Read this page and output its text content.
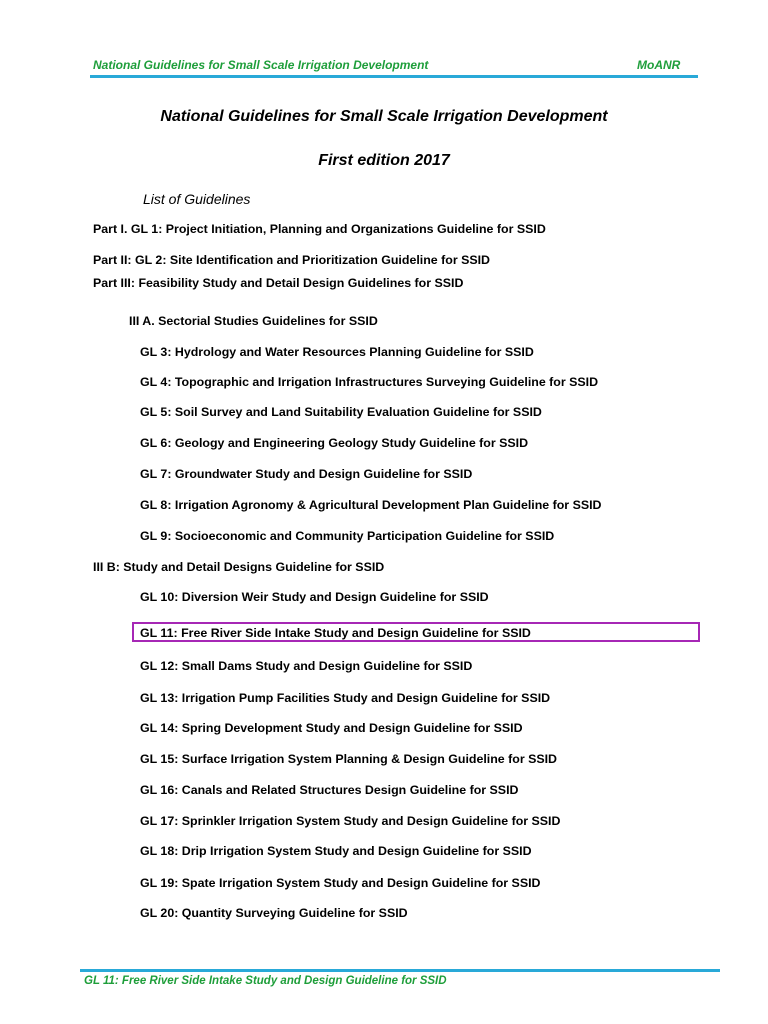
National Guidelines for Small Scale Irrigation Development	MoANR
National Guidelines for Small Scale Irrigation Development
First edition 2017
List of Guidelines
Part I. GL 1: Project Initiation, Planning and Organizations Guideline for SSID
Part II: GL 2: Site Identification and Prioritization Guideline for SSID
Part III: Feasibility Study and Detail Design Guidelines for SSID
III A. Sectorial Studies Guidelines for SSID
GL 3: Hydrology and Water Resources Planning Guideline for SSID
GL 4: Topographic and Irrigation Infrastructures Surveying Guideline for SSID
GL 5: Soil Survey and Land Suitability Evaluation Guideline for SSID
GL 6: Geology and Engineering Geology Study Guideline for SSID
GL 7: Groundwater Study and Design Guideline for SSID
GL 8: Irrigation Agronomy & Agricultural Development Plan Guideline for SSID
GL 9: Socioeconomic and Community Participation Guideline for SSID
III B: Study and Detail Designs Guideline for SSID
GL 10: Diversion Weir Study and Design Guideline for SSID
GL 11: Free River Side Intake Study and Design Guideline for SSID
GL 12: Small Dams Study and Design Guideline for SSID
GL 13: Irrigation Pump Facilities Study and Design Guideline for SSID
GL 14: Spring Development Study and Design Guideline for SSID
GL 15: Surface Irrigation System Planning & Design Guideline for SSID
GL 16: Canals and Related Structures Design Guideline for SSID
GL 17: Sprinkler Irrigation System Study and Design Guideline for SSID
GL 18: Drip Irrigation System Study and Design Guideline for SSID
GL 19: Spate Irrigation System Study and Design Guideline for SSID
GL 20: Quantity Surveying Guideline for SSID
GL 11: Free River Side Intake Study and Design Guideline for SSID
